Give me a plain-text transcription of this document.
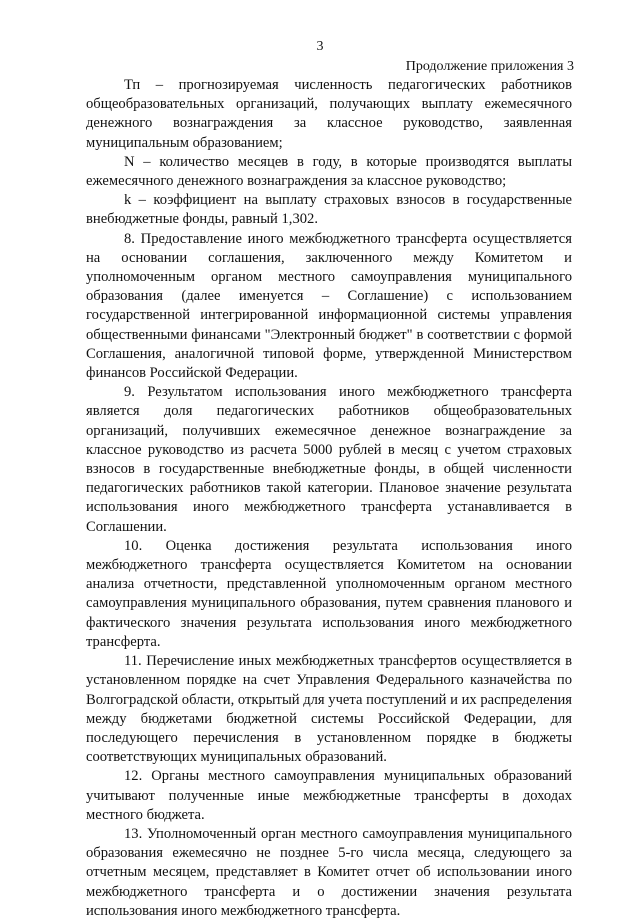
3
Продолжение приложения 3

Тп – прогнозируемая численность педагогических работников общеобразовательных организаций, получающих выплату ежемесячного денежного вознаграждения за классное руководство, заявленная муниципальным образованием;

N – количество месяцев в году, в которые производятся выплаты ежемесячного денежного вознаграждения за классное руководство;

k – коэффициент на выплату страховых взносов в государственные внебюджетные фонды, равный 1,302.

8. Предоставление иного межбюджетного трансферта осуществляется на основании соглашения, заключенного между Комитетом и уполномоченным органом местного самоуправления муниципального образования (далее именуется – Соглашение) с использованием государственной интегрированной информационной системы управления общественными финансами "Электронный бюджет" в соответствии с формой Соглашения, аналогичной типовой форме, утвержденной Министерством финансов Российской Федерации.

9. Результатом использования иного межбюджетного трансферта является доля педагогических работников общеобразовательных организаций, получивших ежемесячное денежное вознаграждение за классное руководство из расчета 5000 рублей в месяц с учетом страховых взносов в государственные внебюджетные фонды, в общей численности педагогических работников такой категории. Плановое значение результата использования иного межбюджетного трансферта устанавливается в Соглашении.

10. Оценка достижения результата использования иного межбюджетного трансферта осуществляется Комитетом на основании анализа отчетности, представленной уполномоченным органом местного самоуправления муниципального образования, путем сравнения планового и фактического значения результата использования иного межбюджетного трансферта.

11. Перечисление иных межбюджетных трансфертов осуществляется в установленном порядке на счет Управления Федерального казначейства по Волгоградской области, открытый для учета поступлений и их распределения между бюджетами бюджетной системы Российской Федерации, для последующего перечисления в установленном порядке в бюджеты соответствующих муниципальных образований.

12. Органы местного самоуправления муниципальных образований учитывают полученные иные межбюджетные трансферты в доходах местного бюджета.

13. Уполномоченный орган местного самоуправления муниципального образования ежемесячно не позднее 5-го числа месяца, следующего за отчетным месяцем, представляет в Комитет отчет об использовании иного межбюджетного трансферта и о достижении значения результата использования иного межбюджетного трансферта.
